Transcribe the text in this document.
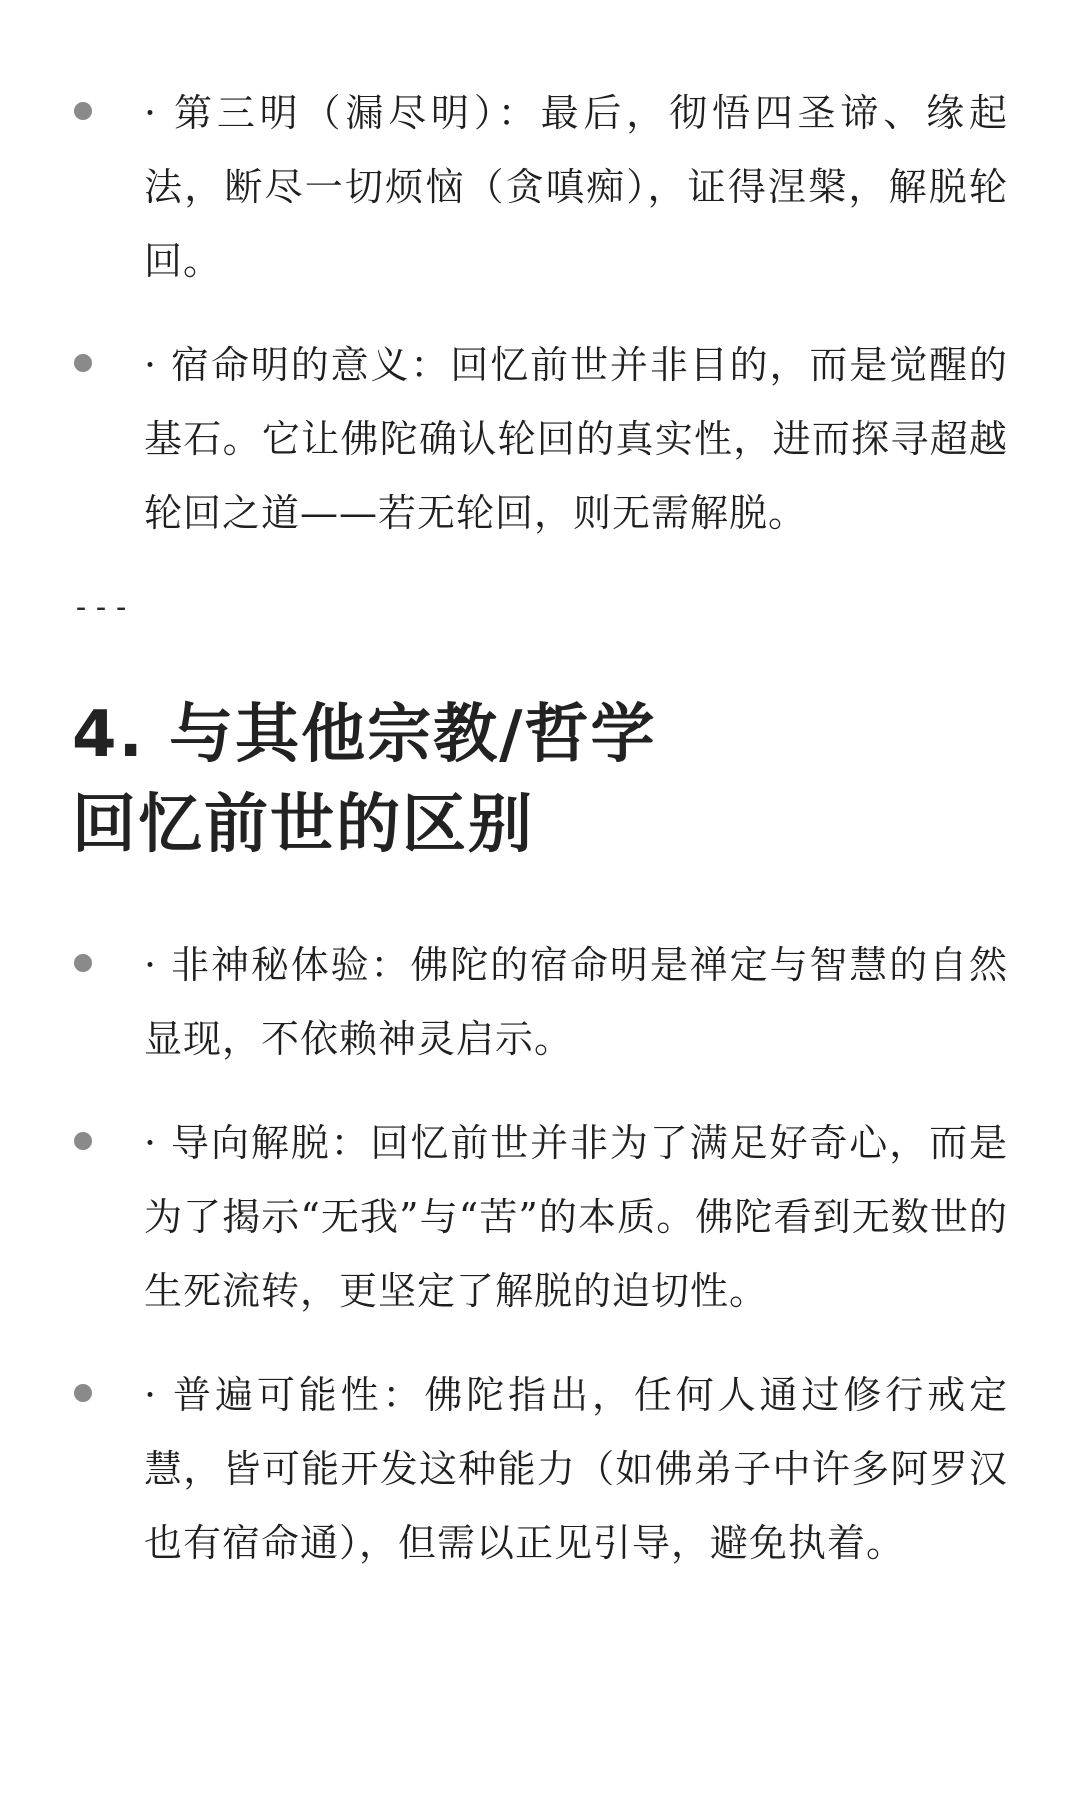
· 第三明（漏尽明）：最后，彻悟四圣谛、缘起法，断尽一切烦恼（贪嗔痴），证得涅槃，解脱轮回。
· 宿命明的意义：回忆前世并非目的，而是觉醒的基石。它让佛陀确认轮回的真实性，进而探寻超越轮回之道——若无轮回，则无需解脱。
---
4. 与其他宗教/哲学回忆前世的区别
· 非神秘体验：佛陀的宿命明是禅定与智慧的自然显现，不依赖神灵启示。
· 导向解脱：回忆前世并非为了满足好奇心，而是为了揭示“无我”与“苦”的本质。佛陀看到无数世的生死流转，更坚定了解脱的迫切性。
· 普遍可能性：佛陀指出，任何人通过修行戒定慧，皆可能开发这种能力（如佛弟子中许多阿罗汉也有宿命通），但需以正见引导，避免执着。
